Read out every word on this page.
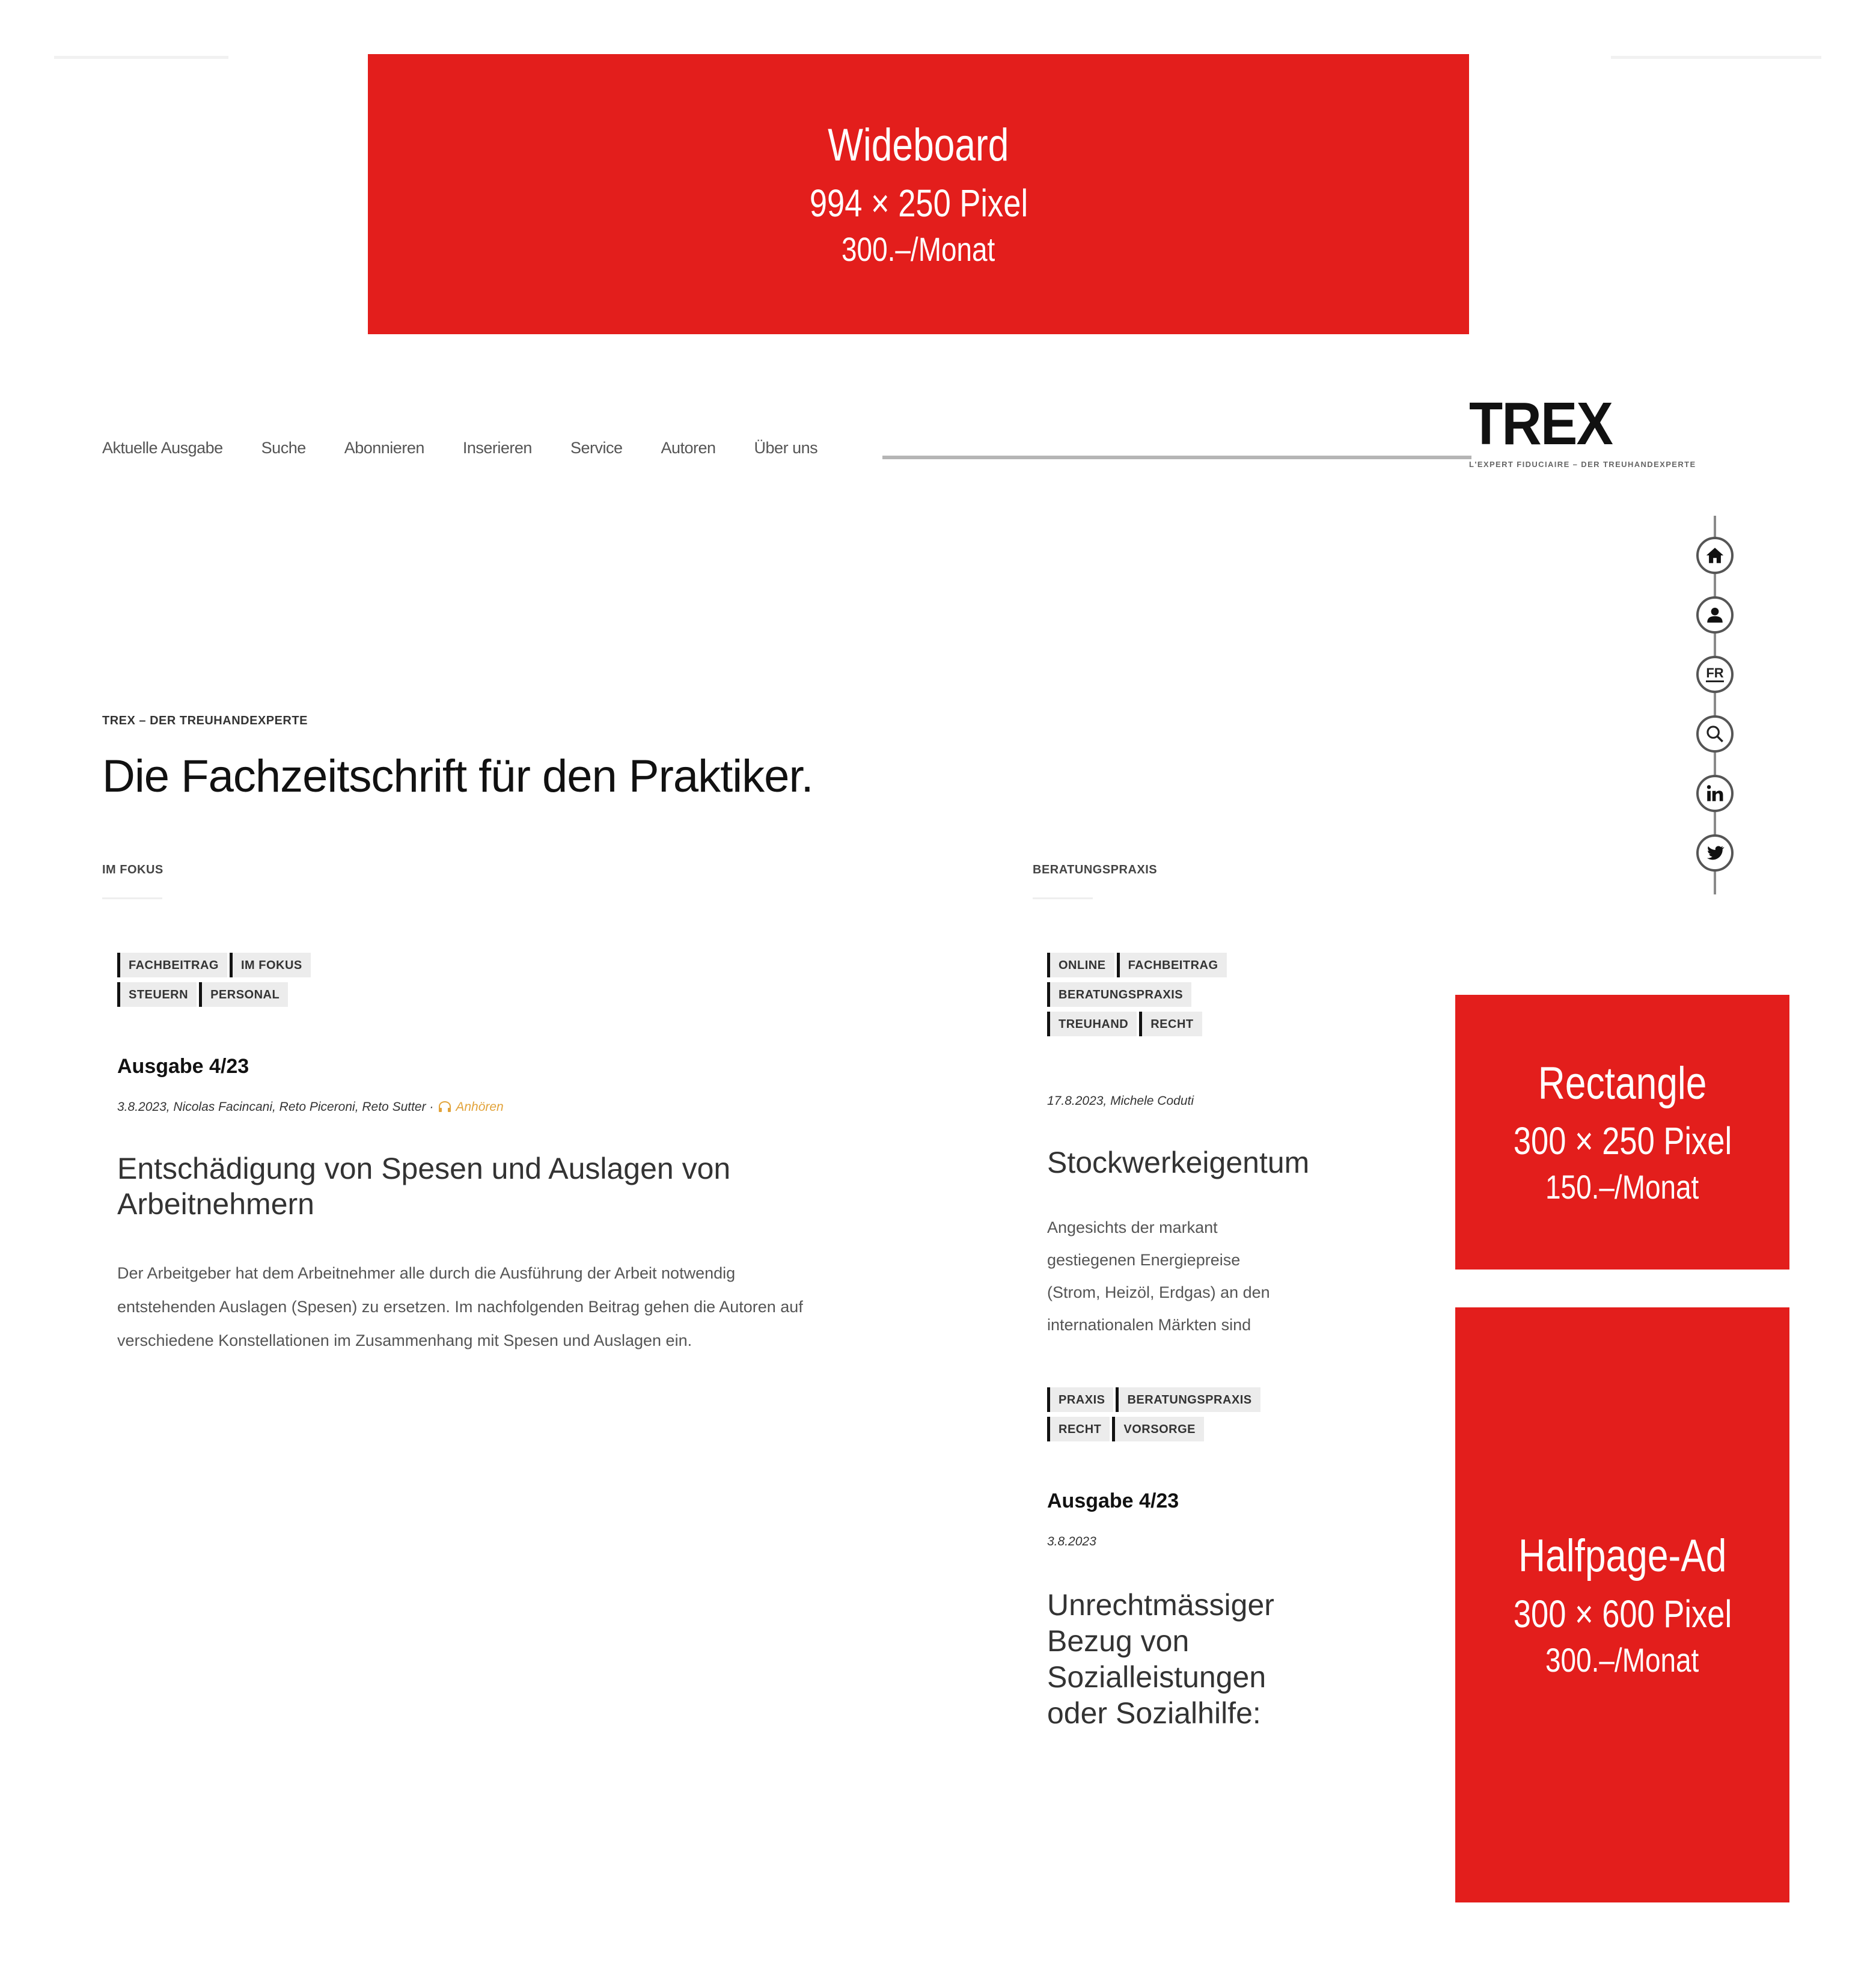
Wideboard
994 × 250 Pixel
300.–/Monat
Aktuelle Ausgabe Suche Abonnieren Inserieren Service Autoren Über uns	TREX
L'EXPERT FIDUCIAIRE – DER TREUHANDEXPERTE
FR
TREX – DER TREUHANDEXPERTE
Die Fachzeitschrift für den Praktiker.
IM FOKUS
FACHBEITRAG	IM FOKUS
STEUERN	PERSONAL
Ausgabe 4/23
3.8.2023, Nicolas Facincani, Reto Piceroni, Reto Sutter · Anhören
Entschädigung von Spesen und Auslagen von Arbeitnehmern
Der Arbeitgeber hat dem Arbeitnehmer alle durch die Ausführung der Arbeit notwendig
entstehenden Auslagen (Spesen) zu ersetzen. Im nachfolgenden Beitrag gehen die Autoren auf
verschiedene Konstellationen im Zusammenhang mit Spesen und Auslagen ein.
BERATUNGSPRAXIS
ONLINE	FACHBEITRAG
BERATUNGSPRAXIS
TREUHAND	RECHT
17.8.2023, Michele Coduti
Stockwerkeigentum
Angesichts der markant
gestiegenen Energiepreise
(Strom, Heizöl, Erdgas) an den
internationalen Märkten sind
PRAXIS	BERATUNGSPRAXIS
RECHT	VORSORGE
Ausgabe 4/23
3.8.2023
Unrechtmässiger
Bezug von
Sozialleistungen
oder Sozialhilfe:
Rectangle
300 × 250 Pixel
150.–/Monat
Halfpage-Ad
300 × 600 Pixel
300.–/Monat
